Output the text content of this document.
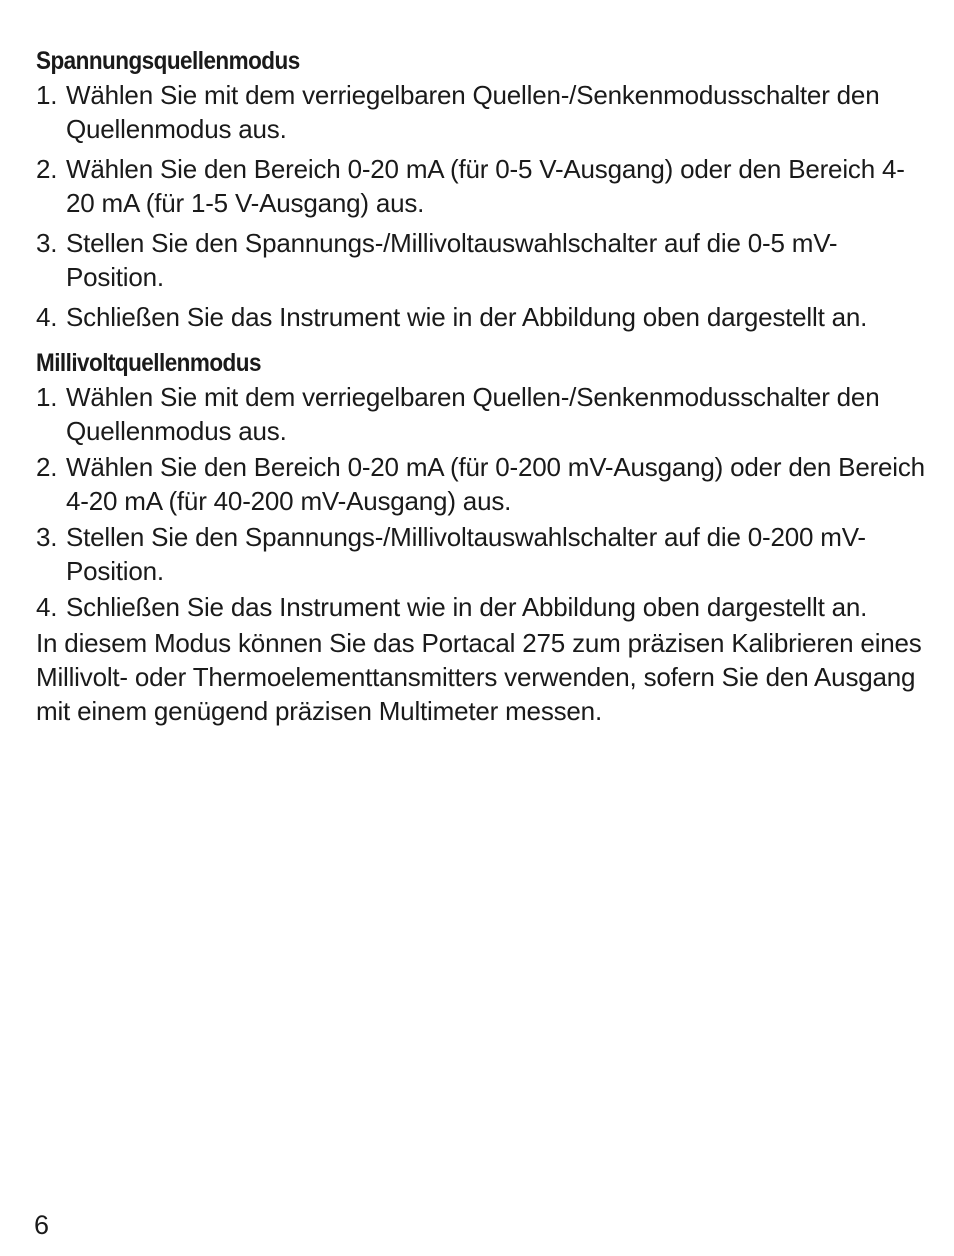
Spannungsquellenmodus
1. Wählen Sie mit dem verriegelbaren Quellen-/Senkenmodusschalter den Quellenmodus aus.
2. Wählen Sie den Bereich 0-20 mA (für 0-5 V-Ausgang) oder den Bereich 4-20 mA (für 1-5 V-Ausgang) aus.
3. Stellen Sie den Spannungs-/Millivoltauswahlschalter auf die 0-5 mV-Position.
4. Schließen Sie das Instrument wie in der Abbildung oben dargestellt an.
Millivoltquellenmodus
1. Wählen Sie mit dem verriegelbaren Quellen-/Senkenmodusschalter den Quellenmodus aus.
2. Wählen Sie den Bereich 0-20 mA (für 0-200 mV-Ausgang) oder den Bereich 4-20 mA (für 40-200 mV-Ausgang) aus.
3. Stellen Sie den Spannungs-/Millivoltauswahlschalter auf die 0-200 mV-Position.
4. Schließen Sie das Instrument wie in der Abbildung oben dargestellt an.

In diesem Modus können Sie das Portacal 275 zum präzisen Kalibrieren eines Millivolt- oder Thermoelementtansmitters verwenden, sofern Sie den Ausgang mit einem genügend präzisen Multimeter messen.

6
